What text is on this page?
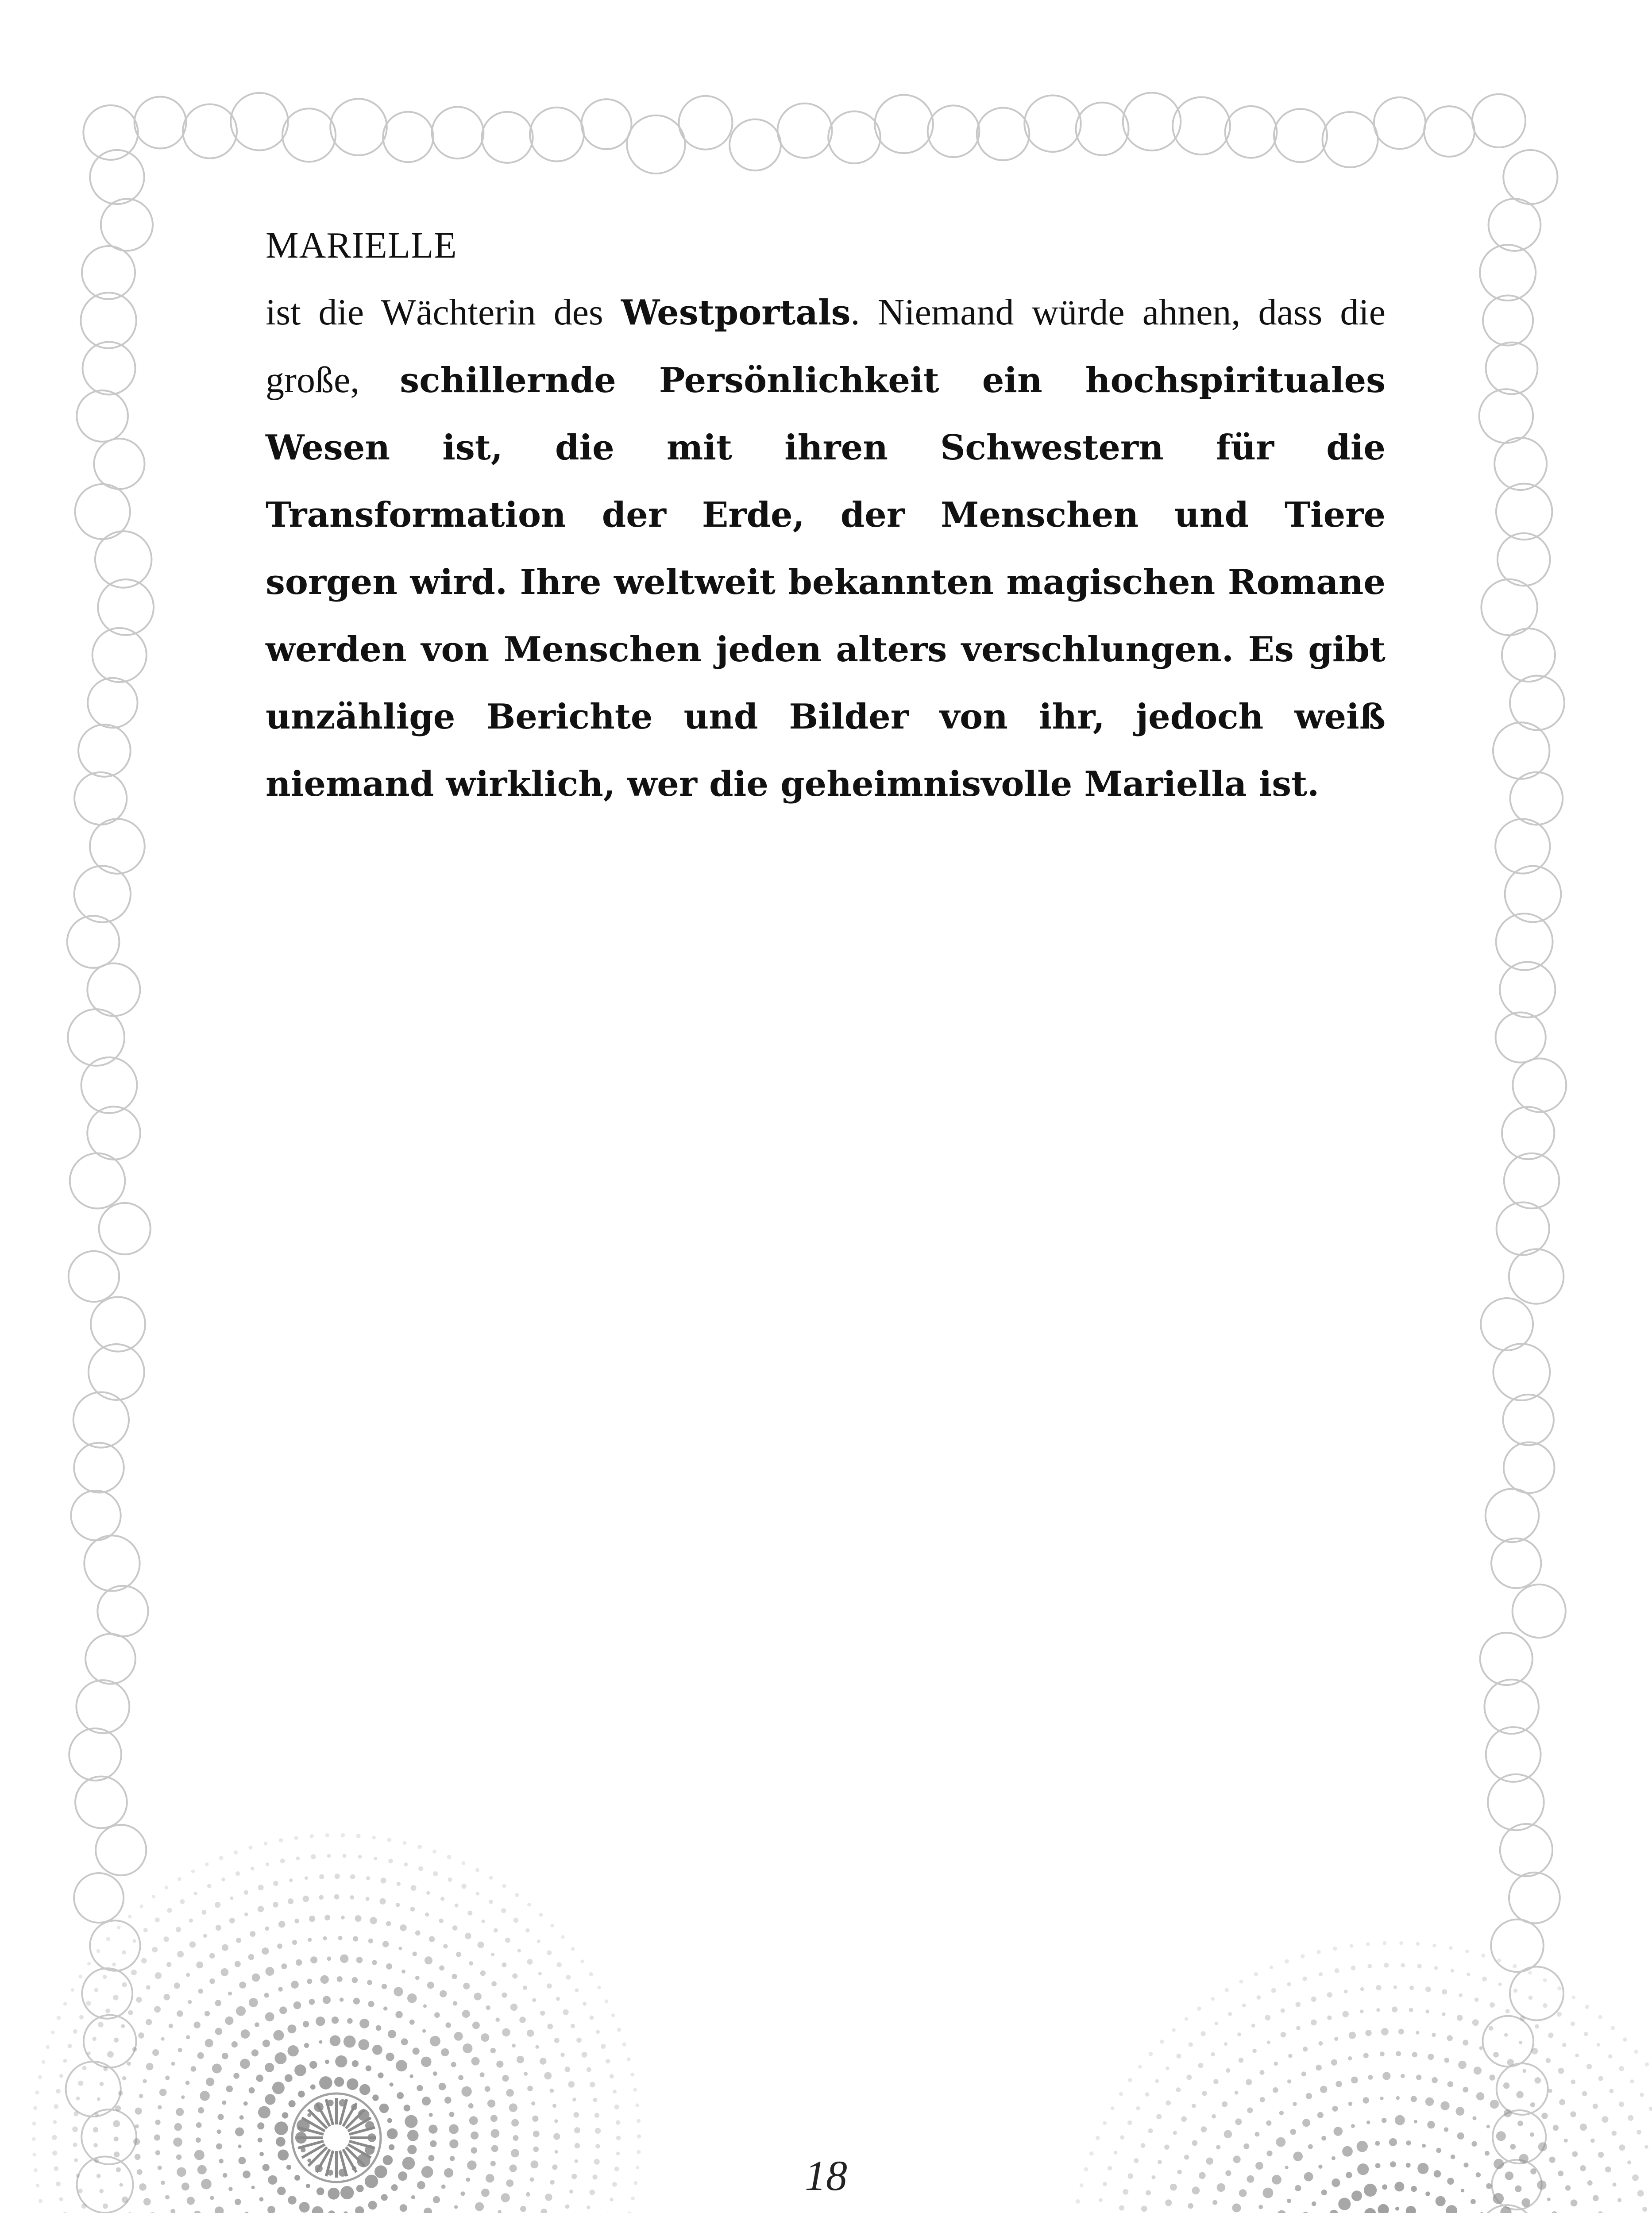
MARIELLE

ist die Wächterin des Westportals. Niemand würde ahnen, dass die große, schillernde Persönlichkeit ein hochspirituales Wesen ist, die mit ihren Schwestern für die Transformation der Erde, der Menschen und Tiere sorgen wird. Ihre weltweit bekannten magischen Romane werden von Menschen jeden alters verschlungen. Es gibt unzählige Berichte und Bilder von ihr, jedoch weiß niemand wirklich, wer die geheimnisvolle Mariella ist.

18
